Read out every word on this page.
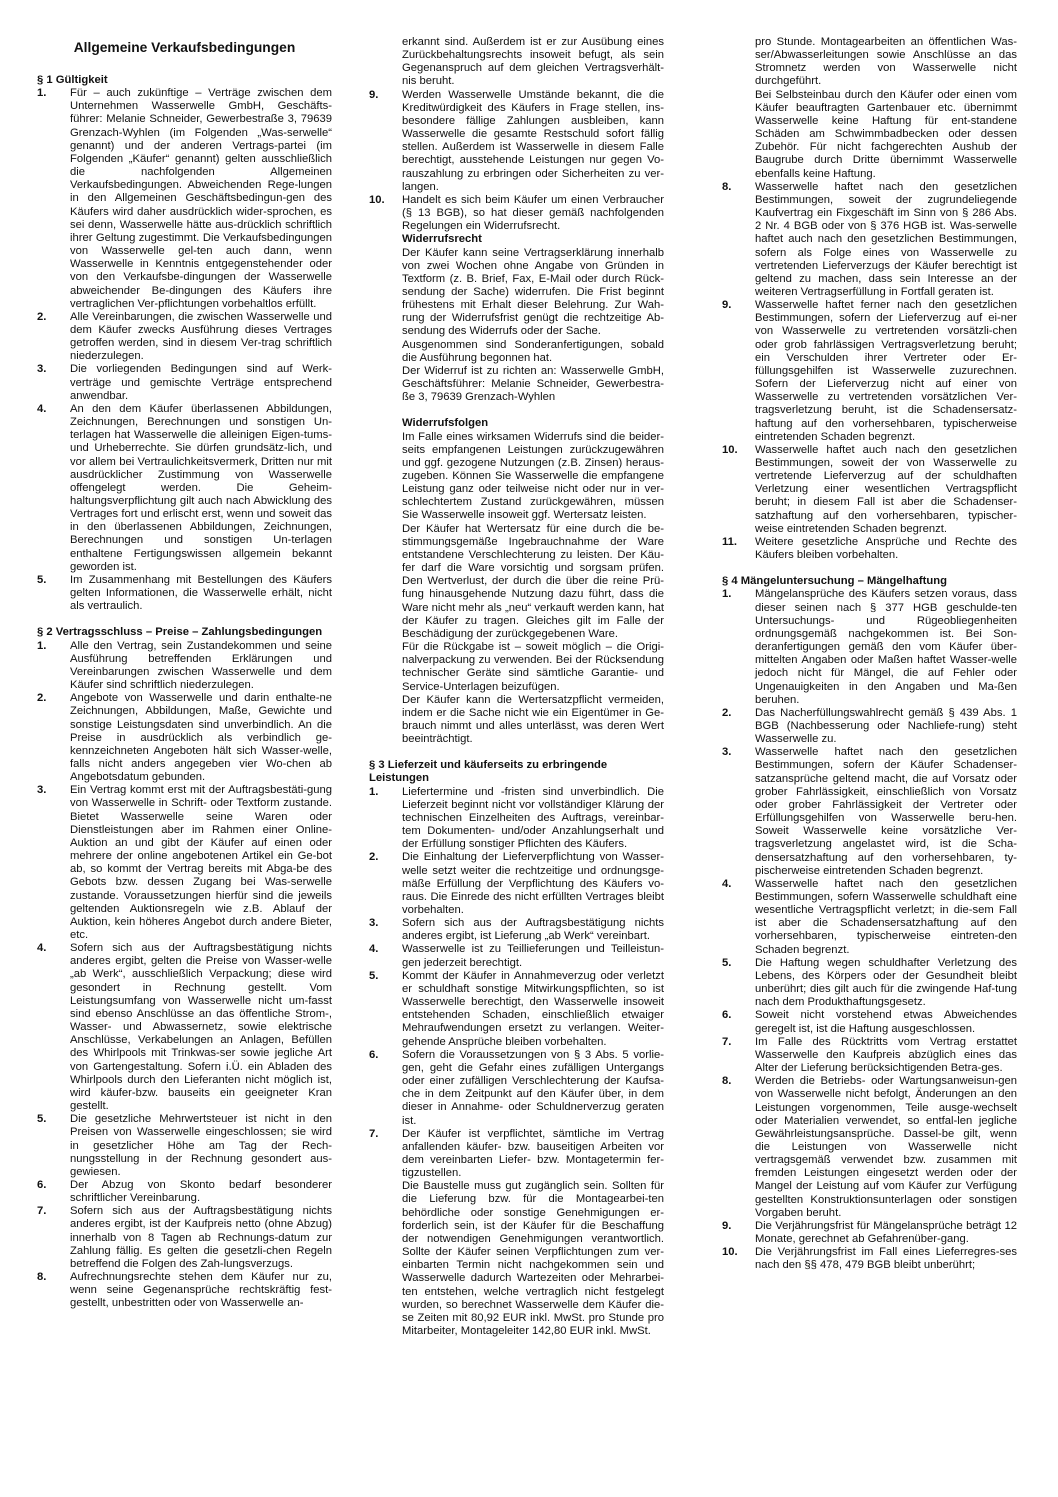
Allgemeine Verkaufsbedingungen

§ 1 Gültigkeit

1. Für – auch zukünftige – Verträge zwischen dem Unternehmen Wasserwelle GmbH, Geschäfts-führer: Melanie Schneider, Gewerbestraße 3, 79639 Grenzach-Wyhlen (im Folgenden „Was-serwelle“ genannt) und der anderen Vertrags-partei (im Folgenden „Käufer“ genannt) gelten ausschließlich die nachfolgenden Allgemeinen Verkaufsbedingungen. Abweichenden Rege-lungen in den Allgemeinen Geschäftsbedingun-gen des Käufers wird daher ausdrücklich wider-sprochen, es sei denn, Wasserwelle hätte aus-drücklich schriftlich ihrer Geltung zugestimmt. Die Verkaufsbedingungen von Wasserwelle gel-ten auch dann, wenn Wasserwelle in Kenntnis entgegenstehender oder von den Verkaufsbe-dingungen der Wasserwelle abweichender Be-dingungen des Käufers ihre vertraglichen Ver-pflichtungen vorbehaltlos erfüllt.
2. Alle Vereinbarungen, die zwischen Wasserwelle und dem Käufer zwecks Ausführung dieses Vertrages getroffen werden, sind in diesem Ver-trag schriftlich niederzulegen.
3. Die vorliegenden Bedingungen sind auf Werk-verträge und gemischte Verträge entsprechend anwendbar.
4. An den dem Käufer überlassenen Abbildungen, Zeichnungen, Berechnungen und sonstigen Un-terlagen hat Wasserwelle die alleinigen Eigen-tums- und Urheberrechte. Sie dürfen grundsätz-lich, und vor allem bei Vertraulichkeitsvermerk, Dritten nur mit ausdrücklicher Zustimmung von Wasserwelle offengelegt werden. Die Geheim-haltungsverpflichtung gilt auch nach Abwicklung des Vertrages fort und erlischt erst, wenn und soweit das in den überlassenen Abbildungen, Zeichnungen, Berechnungen und sonstigen Un-terlagen enthaltene Fertigungswissen allgemein bekannt geworden ist.
5. Im Zusammenhang mit Bestellungen des Käufers gelten Informationen, die Wasserwelle erhält, nicht als vertraulich.

§ 2 Vertragsschluss – Preise – Zahlungsbedingungen

1. Alle den Vertrag, sein Zustandekommen und seine Ausführung betreffenden Erklärungen und Vereinbarungen zwischen Wasserwelle und dem Käufer sind schriftlich niederzulegen.
2. Angebote von Wasserwelle und darin enthalte-ne Zeichnungen, Abbildungen, Maße, Gewichte und sonstige Leistungsdaten sind unverbindlich. An die Preise in ausdrücklich als verbindlich ge-kennzeichneten Angeboten hält sich Wasser-welle, falls nicht anders angegeben vier Wo-chen ab Angebotsdatum gebunden.
3. Ein Vertrag kommt erst mit der Auftragsbestäti-gung von Wasserwelle in Schrift- oder Textform zustande. Bietet Wasserwelle seine Waren oder Dienstleistungen aber im Rahmen einer Online-Auktion an und gibt der Käufer auf einen oder mehrere der online angebotenen Artikel ein Ge-bot ab, so kommt der Vertrag bereits mit Abga-be des Gebots bzw. dessen Zugang bei Was-serwelle zustande. Voraussetzungen hierfür sind die jeweils geltenden Auktionsregeln wie z.B. Ablauf der Auktion, kein höheres Angebot durch andere Bieter, etc.
4. Sofern sich aus der Auftragsbestätigung nichts anderes ergibt, gelten die Preise von Wasser-welle „ab Werk“, ausschließlich Verpackung; diese wird gesondert in Rechnung gestellt. Vom Leistungsumfang von Wasserwelle nicht um-fasst sind ebenso Anschlüsse an das öffentliche Strom-, Wasser- und Abwassernetz, sowie elektrische Anschlüsse, Verkabelungen an Anlagen, Befüllen des Whirlpools mit Trinkwas-ser sowie jegliche Art von Gartengestaltung. Sofern i.Ü. ein Abladen des Whirlpools durch den Lieferanten nicht möglich ist, wird käufer-bzw. bauseits ein geeigneter Kran gestellt.
5. Die gesetzliche Mehrwertsteuer ist nicht in den Preisen von Wasserwelle eingeschlossen; sie wird in gesetzlicher Höhe am Tag der Rech-nungsstellung in der Rechnung gesondert aus-gewiesen.
6. Der Abzug von Skonto bedarf besonderer schriftlicher Vereinbarung.
7. Sofern sich aus der Auftragsbestätigung nichts anderes ergibt, ist der Kaufpreis netto (ohne Abzug) innerhalb von 8 Tagen ab Rechnungs-datum zur Zahlung fällig. Es gelten die gesetzli-chen Regeln betreffend die Folgen des Zah-lungsverzugs.
8. Aufrechnungsrechte stehen dem Käufer nur zu, wenn seine Gegenansprüche rechtskräftig fest-gestellt, unbestritten oder von Wasserwelle an-

erkannt sind. Außerdem ist er zur Ausübung eines Zurückbehaltungsrechts insoweit befugt, als sein Gegenanspruch auf dem gleichen Vertragsverhält-nis beruht.

9. Werden Wasserwelle Umstände bekannt, die die Kreditwürdigkeit des Käufers in Frage stellen, ins-besondere fällige Zahlungen ausbleiben, kann Wasserwelle die gesamte Restschuld sofort fällig stellen. Außerdem ist Wasserwelle in diesem Falle berechtigt, ausstehende Leistungen nur gegen Vo-rauszahlung zu erbringen oder Sicherheiten zu ver-langen.
10. Handelt es sich beim Käufer um einen Verbraucher (§ 13 BGB), so hat dieser gemäß nachfolgenden Regelungen ein Widerrufsrecht.

Widerrufsrecht

Der Käufer kann seine Vertragserklärung innerhalb von zwei Wochen ohne Angabe von Gründen in Textform (z. B. Brief, Fax, E-Mail oder durch Rück-sendung der Sache) widerrufen. Die Frist beginnt frühestens mit Erhalt dieser Belehrung. Zur Wah-rung der Widerrufsfrist genügt die rechtzeitige Ab-sendung des Widerrufs oder der Sache.

Ausgenommen sind Sonderanfertigungen, sobald die Ausführung begonnen hat.

Der Widerruf ist zu richten an: Wasserwelle GmbH, Geschäftsführer: Melanie Schneider, Gewerbestra-ße 3, 79639 Grenzach-Wyhlen

Widerrufsfolgen

Im Falle eines wirksamen Widerrufs sind die beider-seits empfangenen Leistungen zurückzugewähren und ggf. gezogene Nutzungen (z.B. Zinsen) heraus-zugeben. Können Sie Wasserwelle die empfangene Leistung ganz oder teilweise nicht oder nur in ver-schlechtertem Zustand zurückgewähren, müssen Sie Wasserwelle insoweit ggf. Wertersatz leisten.

Der Käufer hat Wertersatz für eine durch die be-stimmungsgemäße Ingebrauchnahme der Ware entstandene Verschlechterung zu leisten. Der Käu-fer darf die Ware vorsichtig und sorgsam prüfen. Den Wertverlust, der durch die über die reine Prü-fung hinausgehende Nutzung dazu führt, dass die Ware nicht mehr als „neu“ verkauft werden kann, hat der Käufer zu tragen. Gleiches gilt im Falle der Beschädigung der zurückgegebenen Ware.

Für die Rückgabe ist – soweit möglich – die Origi-nalverpackung zu verwenden. Bei der Rücksendung technischer Geräte sind sämtliche Garantie- und Service-Unterlagen beizufügen.

Der Käufer kann die Wertersatzpflicht vermeiden, indem er die Sache nicht wie ein Eigentümer in Ge-brauch nimmt und alles unterlässt, was deren Wert beeinträchtigt.

§ 3 Lieferzeit und käuferseits zu erbringende Leistungen

1. Liefertermine und -fristen sind unverbindlich. Die Lieferzeit beginnt nicht vor vollständiger Klärung der technischen Einzelheiten des Auftrags, vereinbar-tem Dokumenten- und/oder Anzahlungserhalt und der Erfüllung sonstiger Pflichten des Käufers.
2. Die Einhaltung der Lieferverpflichtung von Wasser-welle setzt weiter die rechtzeitige und ordnungsge-mäße Erfüllung der Verpflichtung des Käufers vo-raus. Die Einrede des nicht erfüllten Vertrages bleibt vorbehalten.
3. Sofern sich aus der Auftragsbestätigung nichts anderes ergibt, ist Lieferung „ab Werk“ vereinbart.
4. Wasserwelle ist zu Teillieferungen und Teilleistun-gen jederzeit berechtigt.
5. Kommt der Käufer in Annahmeverzug oder verletzt er schuldhaft sonstige Mitwirkungspflichten, so ist Wasserwelle berechtigt, den Wasserwelle insoweit entstehenden Schaden, einschließlich etwaiger Mehraufwendungen ersetzt zu verlangen. Weiter-gehende Ansprüche bleiben vorbehalten.
6. Sofern die Voraussetzungen von § 3 Abs. 5 vorlie-gen, geht die Gefahr eines zufälligen Untergangs oder einer zufälligen Verschlechterung der Kaufsa-che in dem Zeitpunkt auf den Käufer über, in dem dieser in Annahme- oder Schuldnerverzug geraten ist.
7. Der Käufer ist verpflichtet, sämtliche im Vertrag anfallenden käufer- bzw. bauseitigen Arbeiten vor dem vereinbarten Liefer- bzw. Montagetermin fer-tigzustellen.

Die Baustelle muss gut zugänglich sein. Sollten für die Lieferung bzw. für die Montagearbei-ten behördliche oder sonstige Genehmigungen er-forderlich sein, ist der Käufer für die Beschaffung der notwendigen Genehmigungen verantwortlich. Sollte der Käufer seinen Verpflichtungen zum ver-einbarten Termin nicht nachgekommen sein und Wasserwelle dadurch Wartezeiten oder Mehrarbei-ten entstehen, welche vertraglich nicht festgelegt wurden, so berechnet Wasserwelle dem Käufer die-se Zeiten mit 80,92 EUR inkl. MwSt. pro Stunde pro Mitarbeiter, Montageleiter 142,80 EUR inkl. MwSt.

pro Stunde. Montagearbeiten an öffentlichen Was-ser/Abwasserleitungen sowie Anschlüsse an das Stromnetz werden von Wasserwelle nicht durchgeführt.

Bei Selbsteinbau durch den Käufer oder einen vom Käufer beauftragten Gartenbauer etc. übernimmt Wasserwelle keine Haftung für ent-standene Schäden am Schwimmbadbecken oder dessen Zubehör. Für nicht fachgerechten Aushub der Baugrube durch Dritte übernimmt Wasserwelle ebenfalls keine Haftung.

8. Wasserwelle haftet nach den gesetzlichen Bestimmungen, soweit der zugrundeliegende Kaufvertrag ein Fixgeschäft im Sinn von § 286 Abs. 2 Nr. 4 BGB oder von § 376 HGB ist. Was-serwelle haftet auch nach den gesetzlichen Bestimmungen, sofern als Folge eines von Wasserwelle zu vertretenden Lieferverzugs der Käufer berechtigt ist geltend zu machen, dass sein Interesse an der weiteren Vertragserfüllung in Fortfall geraten ist.
9. Wasserwelle haftet ferner nach den gesetzlichen Bestimmungen, sofern der Lieferverzug auf ei-ner von Wasserwelle zu vertretenden vorsätzli-chen oder grob fahrlässigen Vertragsverletzung beruht; ein Verschulden ihrer Vertreter oder Er-füllungsgehilfen ist Wasserwelle zuzurechnen. Sofern der Lieferverzug nicht auf einer von Wasserwelle zu vertretenden vorsätzlichen Ver-tragsverletzung beruht, ist die Schadensersatz-haftung auf den vorhersehbaren, typischerweise eintretenden Schaden begrenzt.
10. Wasserwelle haftet auch nach den gesetzlichen Bestimmungen, soweit der von Wasserwelle zu vertretende Lieferverzug auf der schuldhaften Verletzung einer wesentlichen Vertragspflicht beruht; in diesem Fall ist aber die Schadenser-satzhaftung auf den vorhersehbaren, typischer-weise eintretenden Schaden begrenzt.
11. Weitere gesetzliche Ansprüche und Rechte des Käufers bleiben vorbehalten.

§ 4 Mängeluntersuchung – Mängelhaftung

1. Mängelansprüche des Käufers setzen voraus, dass dieser seinen nach § 377 HGB geschulde-ten Untersuchungs- und Rügeobliegenheiten ordnungsgemäß nachgekommen ist. Bei Son-deranfertigungen gemäß den vom Käufer über-mittelten Angaben oder Maßen haftet Wasser-welle jedoch nicht für Mängel, die auf Fehler oder Ungenauigkeiten in den Angaben und Ma-ßen beruhen.
2. Das Nacherfüllungswahlrecht gemäß § 439 Abs. 1 BGB (Nachbesserung oder Nachliefe-rung) steht Wasserwelle zu.
3. Wasserwelle haftet nach den gesetzlichen Bestimmungen, sofern der Käufer Schadenser-satzansprüche geltend macht, die auf Vorsatz oder grober Fahrlässigkeit, einschließlich von Vorsatz oder grober Fahrlässigkeit der Vertreter oder Erfüllungsgehilfen von Wasserwelle beru-hen. Soweit Wasserwelle keine vorsätzliche Ver-tragsverletzung angelastet wird, ist die Scha-densersatzhaftung auf den vorhersehbaren, ty-pischerweise eintretenden Schaden begrenzt.
4. Wasserwelle haftet nach den gesetzlichen Bestimmungen, sofern Wasserwelle schuldhaft eine wesentliche Vertragspflicht verletzt; in die-sem Fall ist aber die Schadensersatzhaftung auf den vorhersehbaren, typischerweise eintreten-den Schaden begrenzt.
5. Die Haftung wegen schuldhafter Verletzung des Lebens, des Körpers oder der Gesundheit bleibt unberührt; dies gilt auch für die zwingende Haf-tung nach dem Produkthaftungsgesetz.
6. Soweit nicht vorstehend etwas Abweichendes geregelt ist, ist die Haftung ausgeschlossen.
7. Im Falle des Rücktritts vom Vertrag erstattet Wasserwelle den Kaufpreis abzüglich eines das Alter der Lieferung berücksichtigenden Betra-ges.
8. Werden die Betriebs- oder Wartungsanweisun-gen von Wasserwelle nicht befolgt, Änderungen an den Leistungen vorgenommen, Teile ausge-wechselt oder Materialien verwendet, so entfal-len jegliche Gewährleistungsansprüche. Dassel-be gilt, wenn die Leistungen von Wasserwelle nicht vertragsgemäß verwendet bzw. zusammen mit fremden Leistungen eingesetzt werden oder der Mangel der Leistung auf vom Käufer zur Verfügung gestellten Konstruktionsunterlagen oder sonstigen Vorgaben beruht.
9. Die Verjährungsfrist für Mängelansprüche beträgt 12 Monate, gerechnet ab Gefahrenüber-gang.
10. Die Verjährungsfrist im Fall eines Lieferregres-ses nach den §§ 478, 479 BGB bleibt unberührt;
